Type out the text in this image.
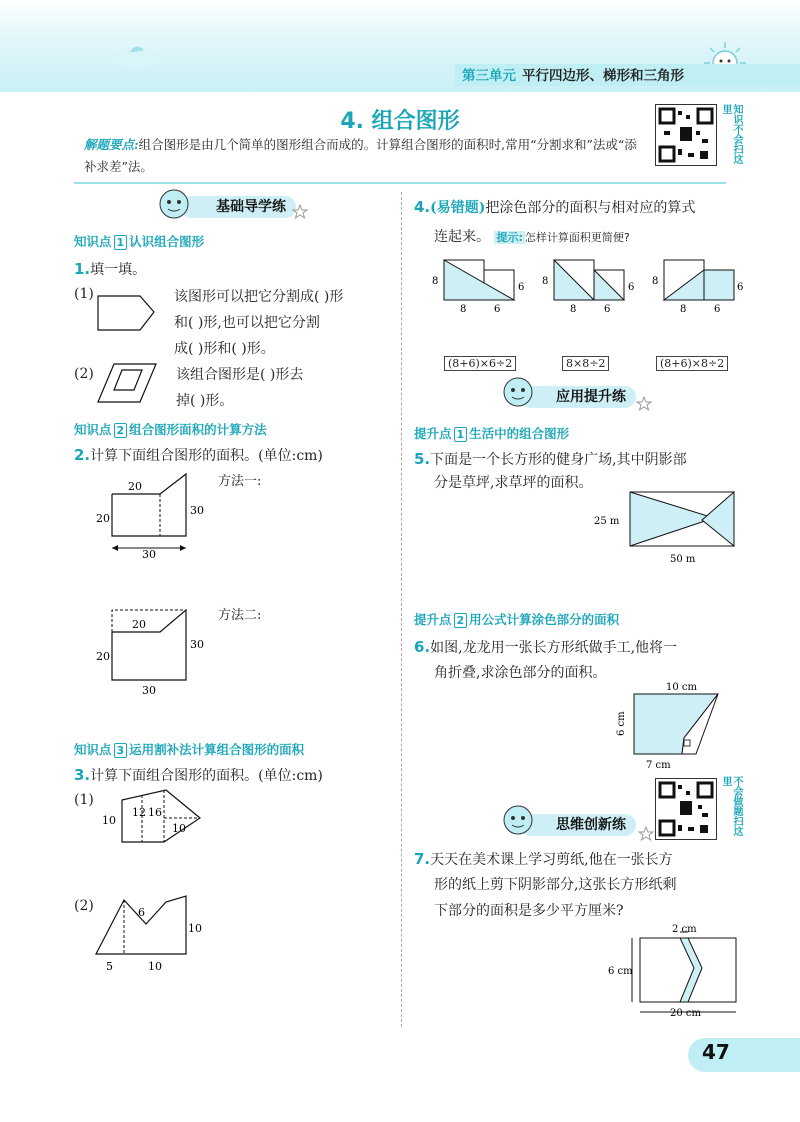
第三单元 平行四边形、梯形和三角形
4. 组合图形	知识不会扫这里
解题要点:组合图形是由几个简单的图形组合而成的。计算组合图形的面积时,常用“分割求和”法或“添补求差”法。
基础导学练
知识点 1 认识组合图形
1.填一填。
(1)	该图形可以把它分割成( )形
和( )形,也可以把它分割
成( )形和( )形。
(2)	该组合图形是( )形去
掉( )形。
知识点 2 组合图形面积的计算方法
2.计算下面组合图形的面积。(单位:cm)
20
20
30
30
方法一:
20
20
30
30
方法二:
知识点 3 运用割补法计算组合图形的面积
3.计算下面组合图形的面积。(单位:cm)
(1)
12 16
10
10
(2)	6
10
5	10
4.(易错题)把涂色部分的面积与相对应的算式
连起来。 提示: 怎样计算面积更简便?
8
8	6
6
8
8	6
6
8
8	6
6
(8+6)×6÷2	8×8÷2	(8+6)×8÷2
应用提升练
提升点 1 生活中的组合图形
5.下面是一个长方形的健身广场,其中阴影部
分是草坪,求草坪的面积。
25 m
50 m
提升点 2 用公式计算涂色部分的面积
6.如图,龙龙用一张长方形纸做手工,他将一
角折叠,求涂色部分的面积。
10 cm
6 cm
7 cm
不会做题扫这里
思维创新练
7.天天在美术课上学习剪纸,他在一张长方
形的纸上剪下阴影部分,这张长方形纸剩
下部分的面积是多少平方厘米?
2 cm
6 cm
20 cm
47
